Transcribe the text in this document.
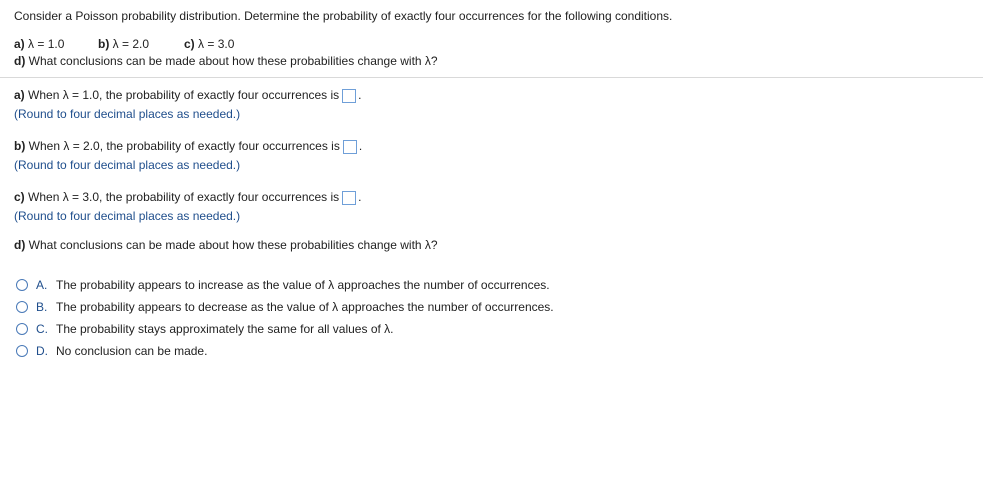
Consider a Poisson probability distribution. Determine the probability of exactly four occurrences for the following conditions.
a) λ = 1.0	b) λ = 2.0	c) λ = 3.0
d) What conclusions can be made about how these probabilities change with λ?
a) When λ = 1.0, the probability of exactly four occurrences is .
(Round to four decimal places as needed.)
b) When λ = 2.0, the probability of exactly four occurrences is .
(Round to four decimal places as needed.)
c) When λ = 3.0, the probability of exactly four occurrences is .
(Round to four decimal places as needed.)
d) What conclusions can be made about how these probabilities change with λ?
A. The probability appears to increase as the value of λ approaches the number of occurrences.
B. The probability appears to decrease as the value of λ approaches the number of occurrences.
C. The probability stays approximately the same for all values of λ.
D. No conclusion can be made.
